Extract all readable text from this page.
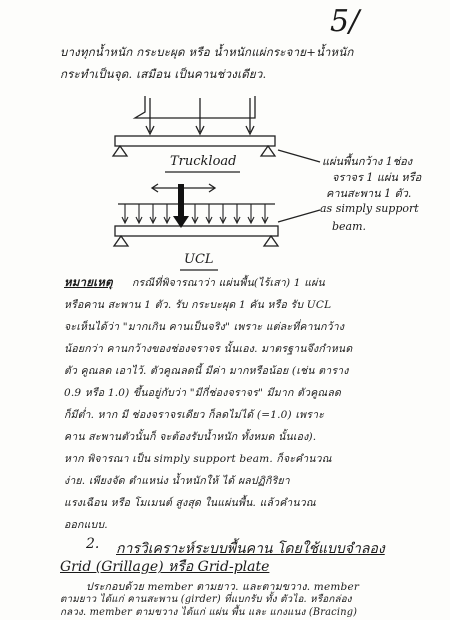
5/
บางทุกน้ำหนัก กระบะผุด หรือ น้ำหนักแผ่กระจาย+น้ำหนัก
กระทำเป็นจุด. เสมือน เป็นคานช่วงเดียว.
Truckload	แผ่นพื้นกว้าง 1ช่อง
จราจร 1 แผ่น หรือ
คานสะพาน 1 ตัว.
as simply support
beam.
UCL
หมายเหตุ กรณีที่พิจารณาว่า แผ่นพื้น(ไร้เสา) 1 แผ่น
หรือคาน สะพาน 1 ตัว. รับ กระบะผุด 1 คัน หรือ รับ UCL
จะเห็นได้ว่า "มากเกิน คานเป็นจริง" เพราะ แต่ละที่คานกว้าง
น้อยกว่า คานกว้างของช่องจราจร นั้นเอง. มาตรฐานจึงกำหนด
ตัว คูณลด เอาไว้. ตัวคูณลดนี้ มีค่า มากหรือน้อย (เช่น ตาราง
0.9 หรือ 1.0) ขึ้นอยู่กับว่า "มีกี่ช่องจราจร" มีมาก ตัวคูณลด
ก็มีต่ำ. หาก มี ช่องจราจรเดียว ก็ลดไม่ได้ (=1.0) เพราะ
คาน สะพานตัวนั้นก็ จะต้องรับน้ำหนัก ทั้งหมด นั้นเอง).
หาก พิจารณา เป็น simply support beam. ก็จะคำนวณ
ง่าย. เพียงจัด ตำแหน่ง น้ำหนักให้ ได้ ผลปฏิกิริยา
แรงเฉือน หรือ โมเมนต์ สูงสุด ในแผ่นพื้น. แล้วคำนวณ
ออกแบบ.
2. การวิเคราะห์ระบบพื้นคาน โดยใช้แบบจำลอง
Grid (Grillage) หรือ Grid-plate
ประกอบด้วย member ตามยาว. และตามขวาง. member
ตามยาว ได้แก่ คานสะพาน (girder) ที่แบกรับ ทั้ง ตัวไอ. หรือกล่อง
กลวง. member ตามขวาง ได้แก่ แผ่น พื้น และ แกงแนง (Bracing)
